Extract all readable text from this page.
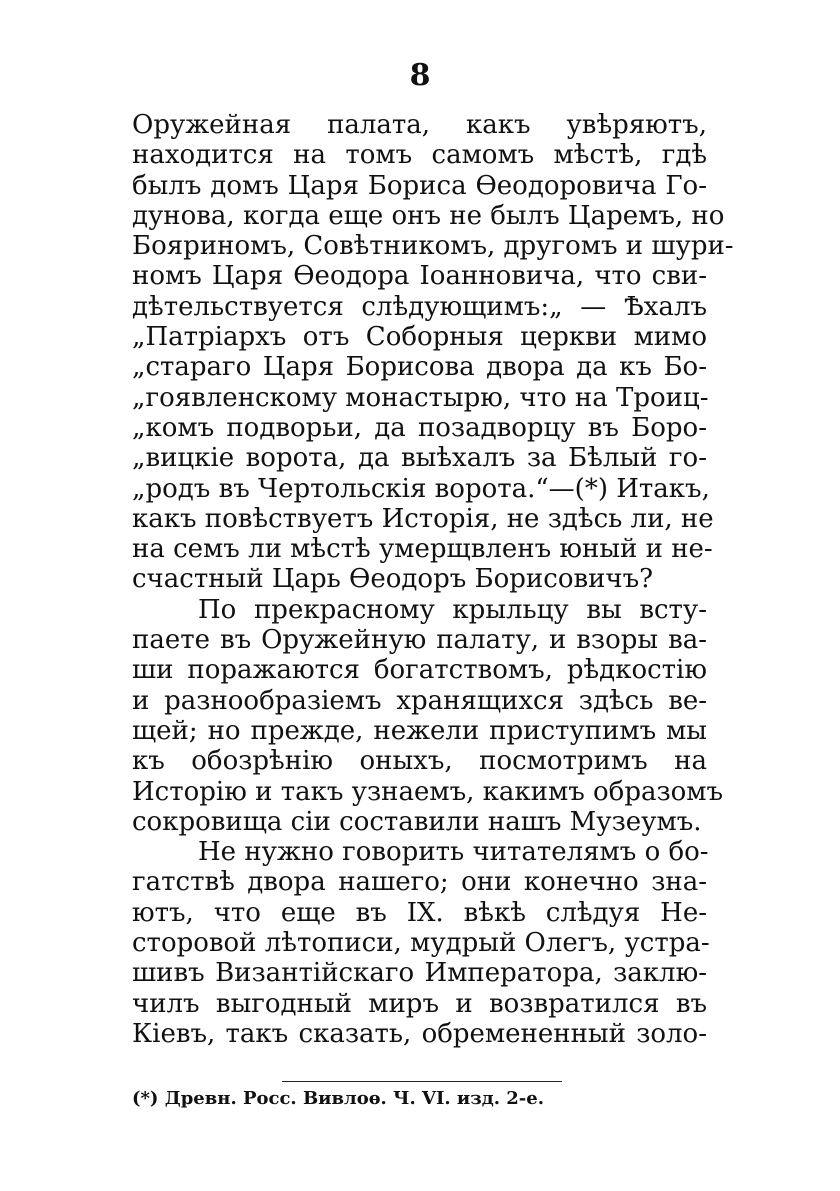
8
Оружейная палата, какъ увѣряютъ,
находится на томъ самомъ мѣстѣ, гдѣ
былъ домъ Царя Бориса Ѳеодоровича Го-
дунова, когда еще онъ не былъ Царемъ, но
Бояриномъ, Совѣтникомъ, другомъ и шури-
номъ Царя Ѳеодора Іоанновича, что сви-
дѣтельствуется слѣдующимъ:„ — Ѣхалъ
„Патріархъ отъ Соборныя церкви мимо
„стараго Царя Борисова двора да къ Бо-
„гоявленскому монастырю, что на Троиц-
„комъ подворьи, да позадворцу въ Боро-
„вицкіе ворота, да выѣхалъ за Бѣлый го-
„родъ въ Чертольскія ворота.“—(*) Итакъ,
какъ повѣствуетъ Исторія, не здѣсь ли, не
на семъ ли мѣстѣ умерщвленъ юный и не-
счастный Царь Ѳеодоръ Борисовичъ?
По прекрасному крыльцу вы всту-
паете въ Оружейную палату, и взоры ва-
ши поражаются богатствомъ, рѣдкостію
и разнообразіемъ хранящихся здѣсь ве-
щей; но прежде, нежели приступимъ мы
къ обозрѣнію оныхъ, посмотримъ на
Исторію и такъ узнаемъ, какимъ образомъ
сокровища сіи составили нашъ Музеумъ.
Не нужно говорить читателямъ о бо-
гатствѣ двора нашего; они конечно зна-
ютъ, что еще въ IX. вѣкѣ слѣдуя Не-
сторовой лѣтописи, мудрый Олегъ, устра-
шивъ Византійскаго Императора, заклю-
чилъ выгодный миръ и возвратился въ
Кіевъ, такъ сказать, обремененный золо-
(*) Древн. Росс. Вивлоѳ. Ч. VI. изд. 2-е.
